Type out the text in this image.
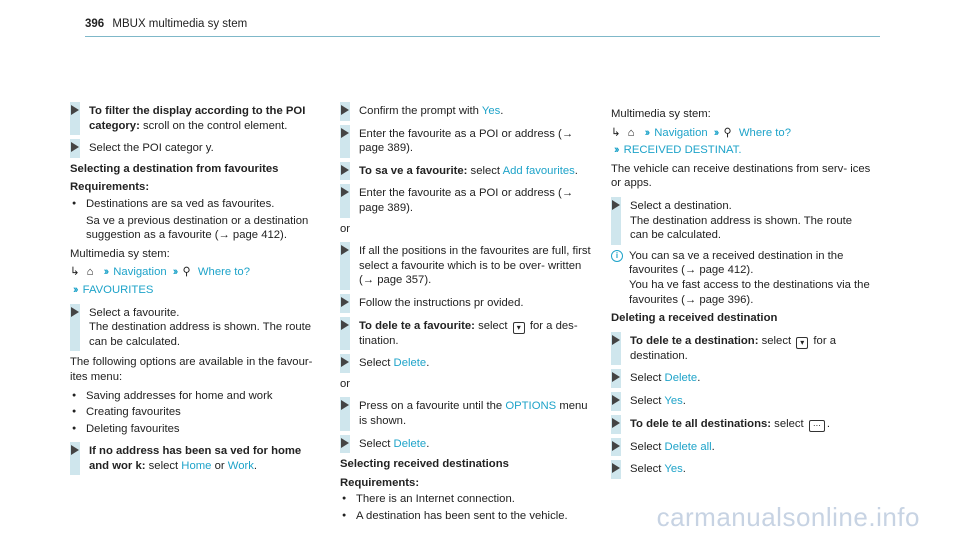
396 MBUX multimedia sy stem
To filter the display according to the POI category: scroll on the control element.
Select the POI categor y.
Selecting a destination from favourites
Requirements:
● Destinations are sa ved as favourites.
Sa ve a previous destination or a destination suggestion as a favourite (→ page 412).
Multimedia sy stem:
↳ ⌂ ›› Navigation ›› ⚲ Where to?
›› FAVOURITES
Select a favourite.
The destination address is shown. The route can be calculated.
The following options are available in the favour‑ ites menu:
● Saving addresses for home and work
● Creating favourites
● Deleting favourites
If no address has been sa ved for home and wor k: select Home or Work.
Confirm the prompt with Yes.
Enter the favourite as a POI or address (→ page 389).
To sa ve a favourite: select Add favourites.
Enter the favourite as a POI or address (→ page 389).
or
If all the positions in the favourites are full, first select a favourite which is to be over‑ written (→ page 357).
Follow the instructions pr ovided.
To dele te a favourite: select ▾ for a des‑ tination.
Select Delete.
or
Press on a favourite until the OPTIONS menu is shown.
Select Delete.
Selecting received destinations
Requirements:
● There is an Internet connection.
● A destination has been sent to the vehicle.
Multimedia sy stem:
↳ ⌂ ›› Navigation ›› ⚲ Where to?
›› RECEIVED DESTINAT.
The vehicle can receive destinations from serv‑ ices or apps.
Select a destination.
The destination address is shown. The route can be calculated.
i You can sa ve a received destination in the favourites (→ page 412).
You ha ve fast access to the destinations via the favourites (→ page 396).
Deleting a received destination
To dele te a destination: select ▾ for a destination.
Select Delete.
Select Yes.
To dele te all destinations: select ⋯ .
Select Delete all.
Select Yes.
carmanualsonline.info
